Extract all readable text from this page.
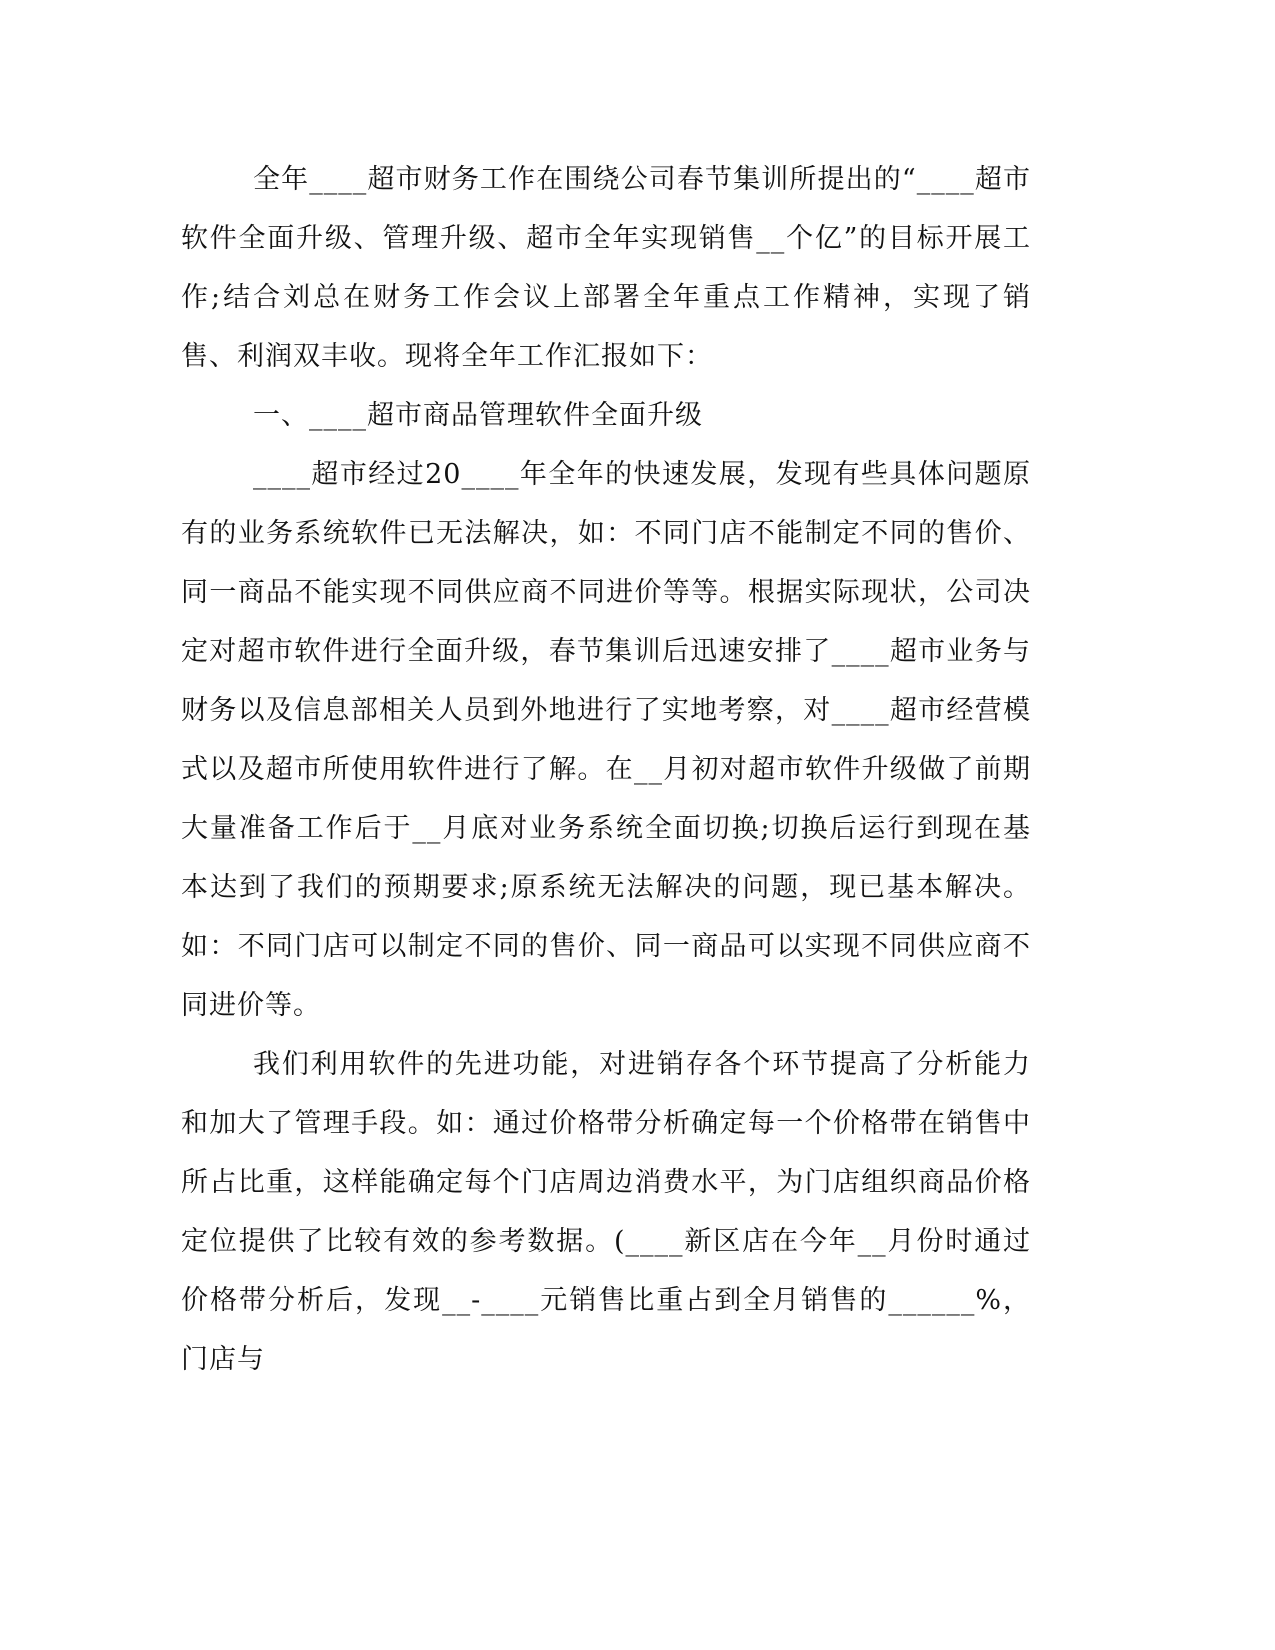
全年____超市财务工作在围绕公司春节集训所提出的“____超市软件全面升级、管理升级、超市全年实现销售__个亿”的目标开展工作;结合刘总在财务工作会议上部署全年重点工作精神，实现了销售、利润双丰收。现将全年工作汇报如下：

一、____超市商品管理软件全面升级

____超市经过20____年全年的快速发展，发现有些具体问题原有的业务系统软件已无法解决，如：不同门店不能制定不同的售价、同一商品不能实现不同供应商不同进价等等。根据实际现状，公司决定对超市软件进行全面升级，春节集训后迅速安排了____超市业务与财务以及信息部相关人员到外地进行了实地考察，对____超市经营模式以及超市所使用软件进行了解。在__月初对超市软件升级做了前期大量准备工作后于__月底对业务系统全面切换;切换后运行到现在基本达到了我们的预期要求;原系统无法解决的问题，现已基本解决。如：不同门店可以制定不同的售价、同一商品可以实现不同供应商不同进价等。

我们利用软件的先进功能，对进销存各个环节提高了分析能力和加大了管理手段。如：通过价格带分析确定每一个价格带在销售中所占比重，这样能确定每个门店周边消费水平，为门店组织商品价格定位提供了比较有效的参考数据。(____新区店在今年__月份时通过价格带分析后，发现__-____元销售比重占到全月销售的______%，门店与
